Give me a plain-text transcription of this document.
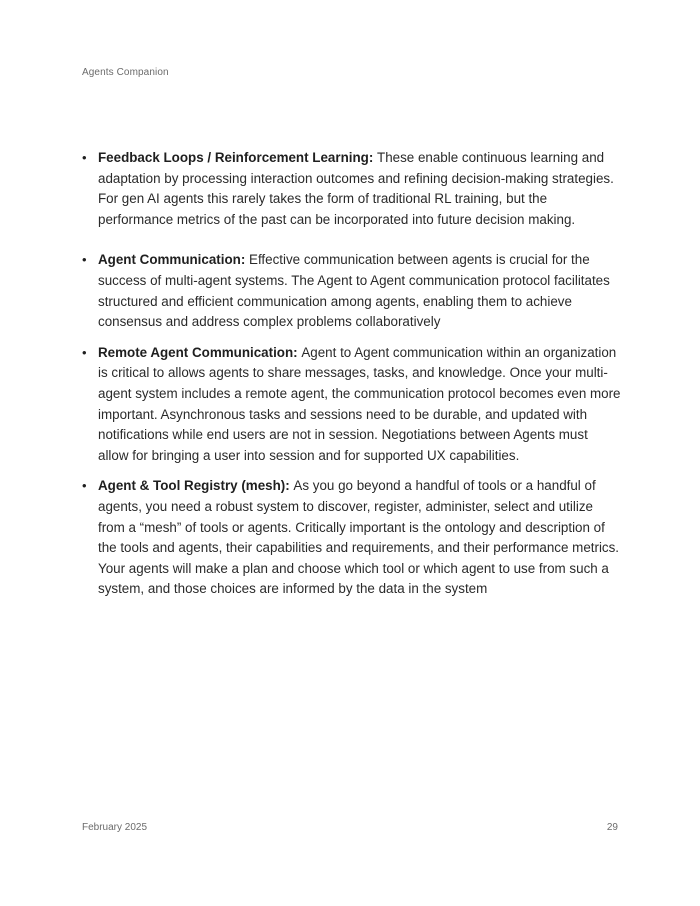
Agents Companion
• Feedback Loops / Reinforcement Learning: These enable continuous learning and adaptation by processing interaction outcomes and refining decision-making strategies. For gen AI agents this rarely takes the form of traditional RL training, but the performance metrics of the past can be incorporated into future decision making.
• Agent Communication: Effective communication between agents is crucial for the success of multi-agent systems. The Agent to Agent communication protocol facilitates structured and efficient communication among agents, enabling them to achieve consensus and address complex problems collaboratively
• Remote Agent Communication: Agent to Agent communication within an organization is critical to allows agents to share messages, tasks, and knowledge. Once your multi-agent system includes a remote agent, the communication protocol becomes even more important. Asynchronous tasks and sessions need to be durable, and updated with notifications while end users are not in session. Negotiations between Agents must allow for bringing a user into session and for supported UX capabilities.
• Agent & Tool Registry (mesh): As you go beyond a handful of tools or a handful of agents, you need a robust system to discover, register, administer, select and utilize from a “mesh” of tools or agents. Critically important is the ontology and description of the tools and agents, their capabilities and requirements, and their performance metrics. Your agents will make a plan and choose which tool or which agent to use from such a system, and those choices are informed by the data in the system
February 2025	29
